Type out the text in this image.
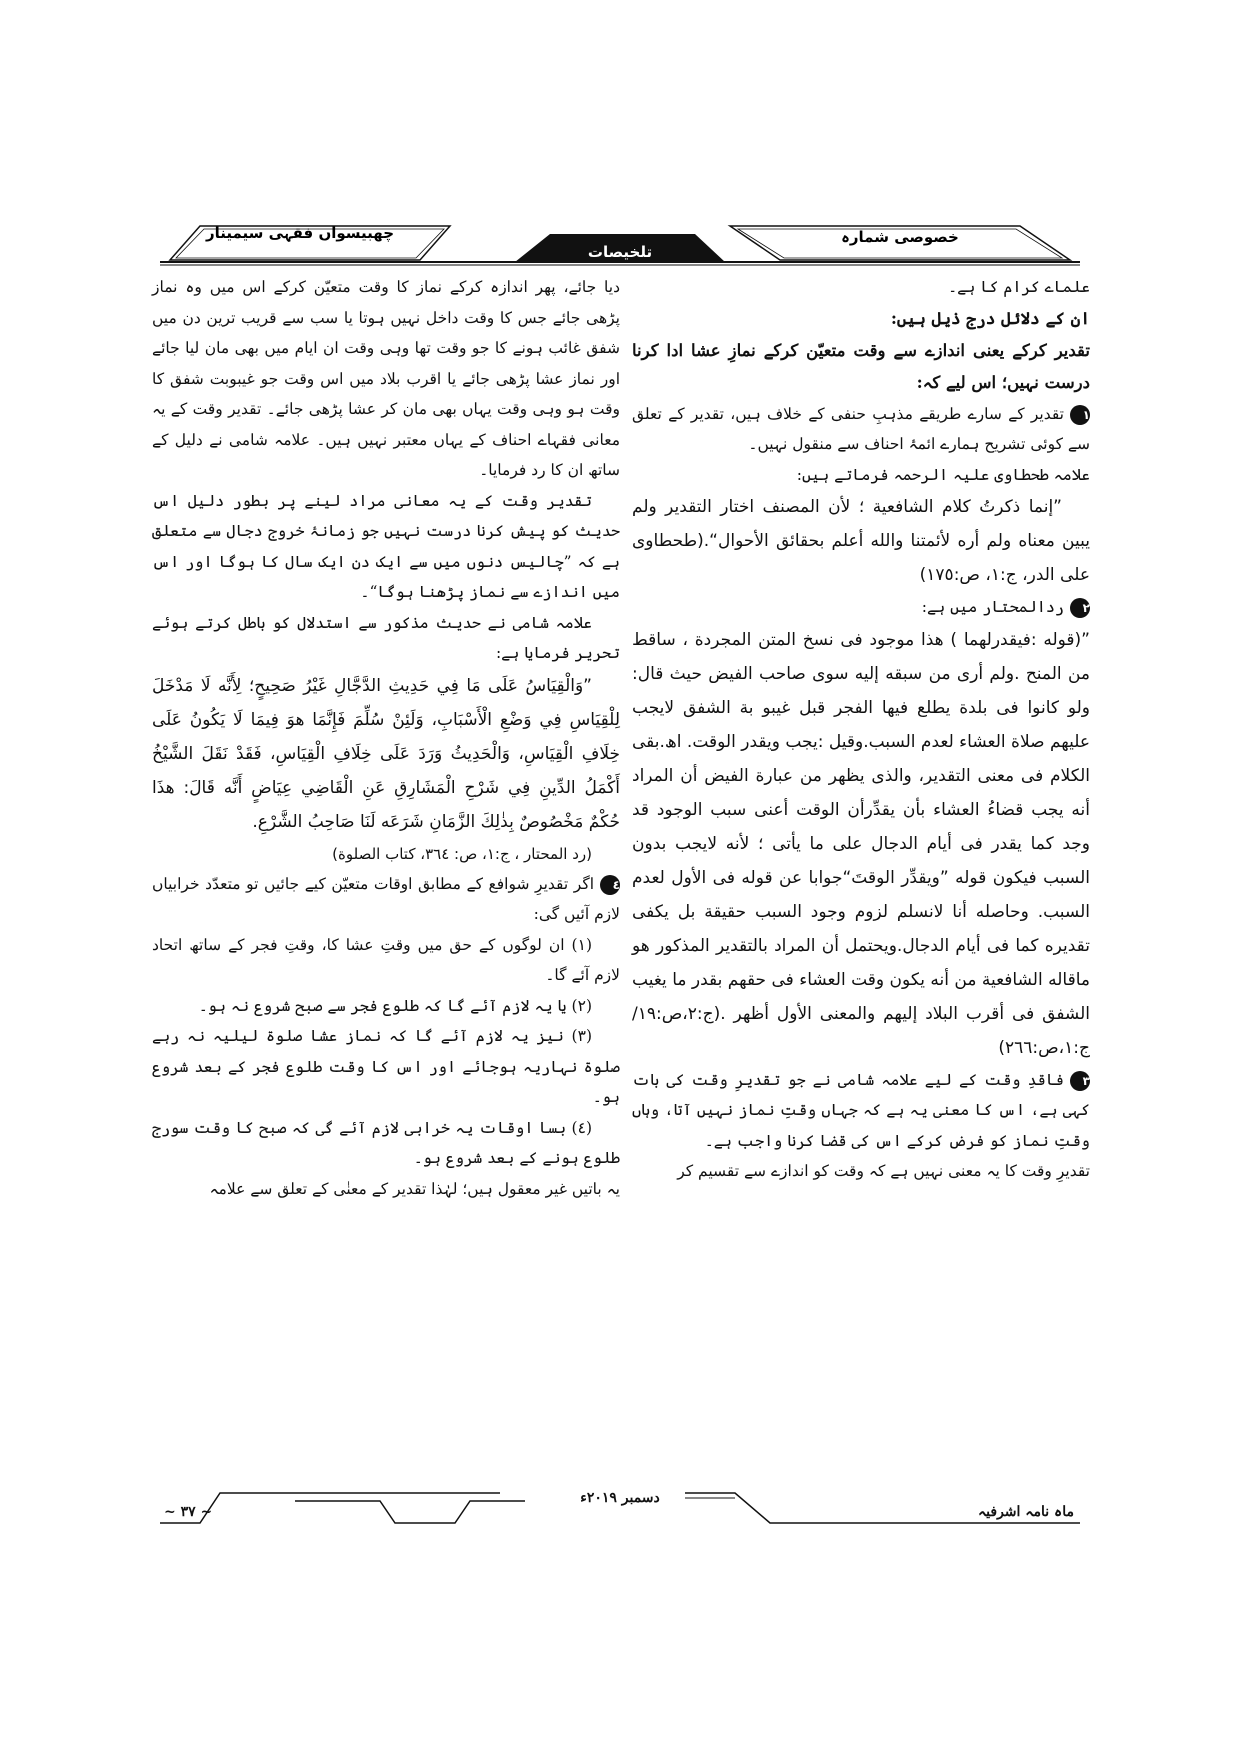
چھبیسواں فقہی سیمینار
تلخیصات
خصوصی شمارہ

علماے کرام کا ہے۔

ان کے دلائل درج ذیل ہیں:

تقدیر کرکے یعنی اندازے سے وقت متعیّن کرکے نمازِ عشا ادا کرنا درست نہیں؛ اس لیے کہ:

١تقدیر کے سارے طریقے مذہبِ حنفی کے خلاف ہیں، تقدیر کے تعلق سے کوئی تشریح ہمارے ائمۂ احناف سے منقول نہیں۔

علامہ طحطاوی علیہ الرحمہ فرماتے ہیں:

”إنما ذكرتُ كلام الشافعية ؛ لأن المصنف اختار التقدير ولم يبين معناه ولم أره لأئمتنا والله أعلم بحقائق الأحوال“.(طحطاوی علی الدر، ج:١، ص:١٧٥)

٢ردالمحتار میں ہے:

”(قوله :فيقدرلهما ) هذا موجود فى نسخ المتن المجردة ، ساقط من المنح .ولم أرى من سبقه إليه سوى صاحب الفيض حيث قال: ولو كانوا فى بلدة يطلع فيها الفجر قبل غيبو بة الشفق لايجب عليهم صلاة العشاء لعدم السبب.وقيل :يجب ويقدر الوقت. اھ.بقى الكلام فى معنى التقدير، والذى يظهر من عبارة الفيض أن المراد أنه يجب قضاءُ العشاء بأن يقدِّرأن الوقت أعنى سبب الوجود قد وجد كما يقدر فى أيام الدجال على ما يأتى ؛ لأنه لايجب بدون السبب فيكون قوله ”ويقدِّر الوقتَ“جوابا عن قوله فى الأول لعدم السبب. وحاصله أنا لانسلم لزوم وجود السبب حقيقة بل يكفى تقديره كما فى أيام الدجال.ويحتمل أن المراد بالتقدير المذكور هو ماقاله الشافعية من أنه يكون وقت العشاء فى حقهم بقدر ما يغيب الشفق فى أقرب البلاد إليهم والمعنى الأول أظهر .(ج:٢،ص:١٩/ ج:١،ص:٢٦٦)

٣فاقدِ وقت کے لیے علامہ شامی نے جو تقدیرِ وقت کی بات کہی ہے، اس کا معنی یہ ہے کہ جہاں وقتِ نماز نہیں آتا، وہاں وقتِ نماز کو فرض کرکے اس کی قضا کرنا واجب ہے۔

تقدیرِ وقت کا یہ معنی نہیں ہے کہ وقت کو اندازے سے تقسیم کر

دیا جائے، پھر اندازہ کرکے نماز کا وقت متعیّن کرکے اس میں وہ نماز پڑھی جائے جس کا وقت داخل نہیں ہوتا یا سب سے قریب ترین دن میں شفق غائب ہونے کا جو وقت تھا وہی وقت ان ایام میں بھی مان لیا جائے اور نماز عشا پڑھی جائے یا اقرب بلاد میں اس وقت جو غیبوبت شفق کا وقت ہو وہی وقت یہاں بھی مان کر عشا پڑھی جائے۔ تقدیر وقت کے یہ معانی فقہاے احناف کے یہاں معتبر نہیں ہیں۔ علامہ شامی نے دلیل کے ساتھ ان کا رد فرمایا۔

تقدیر وقت کے یہ معانی مراد لینے پر بطور دلیل اس حدیث کو پیش کرنا درست نہیں جو زمانۂ خروج دجال سے متعلق ہے کہ ”چالیس دنوں میں سے ایک دن ایک سال کا ہوگا اور اس میں اندازے سے نماز پڑھنا ہوگا“۔

علامہ شامی نے حدیث مذکور سے استدلال کو باطل کرتے ہوئے تحریر فرمایا ہے:

”وَالْقِيَاسُ عَلَى مَا فِي حَدِيثِ الدَّجَّالِ غَيْرُ صَحِيحٍ؛ لِأَنَّه لَا مَدْخَلَ لِلْقِيَاسِ فِي وَضْعِ الْأَسْبَابِ، وَلَئِنْ سُلِّمَ فَإِنَّمَا هوَ فِيمَا لَا يَكُونُ عَلَى خِلَافِ الْقِيَاسِ، وَالْحَدِيثُ وَرَدَ عَلَى خِلَافِ الْقِيَاسِ، فَقَدْ نَقَلَ الشَّيْخُ أَكْمَلُ الدِّينِ فِي شَرْحِ الْمَشَارِقِ عَنِ الْقَاضِي عِيَاضٍ أَنَّه قَالَ: هذَا حُكْمٌ مَخْصُوصٌ بِذٰلِكَ الزَّمَانِ شَرَعَه لَنَا صَاحِبُ الشَّرْعِ.

(رد المحتار ، ج:١، ص: ٣٦٤، كتاب الصلوة)

٤اگر تقدیرِ شوافع کے مطابق اوقات متعیّن کیے جائیں تو متعدّد خرابیاں لازم آئیں گی:

(١) ان لوگوں کے حق میں وقتِ عشا کا، وقتِ فجر کے ساتھ اتحاد لازم آئے گا۔

(٢) یا یہ لازم آئے گا کہ طلوع فجر سے صبح شروع نہ ہو۔

(٣) نیز یہ لازم آئے گا کہ نماز عشا صلوۃ لیلیہ نہ رہے صلوۃ نہاریہ ہوجائے اور اس کا وقت طلوع فجر کے بعد شروع ہو۔

(٤) بسا اوقات یہ خرابی لازم آئے گی کہ صبح کا وقت سورج طلوع ہونے کے بعد شروع ہو۔

یہ باتیں غیر معقول ہیں؛ لہٰذا تقدیر کے معنٰی کے تعلق سے علامہ

~ ٣٧ ~
دسمبر ٢٠١٩ء
ماہ نامہ اشرفیہ
